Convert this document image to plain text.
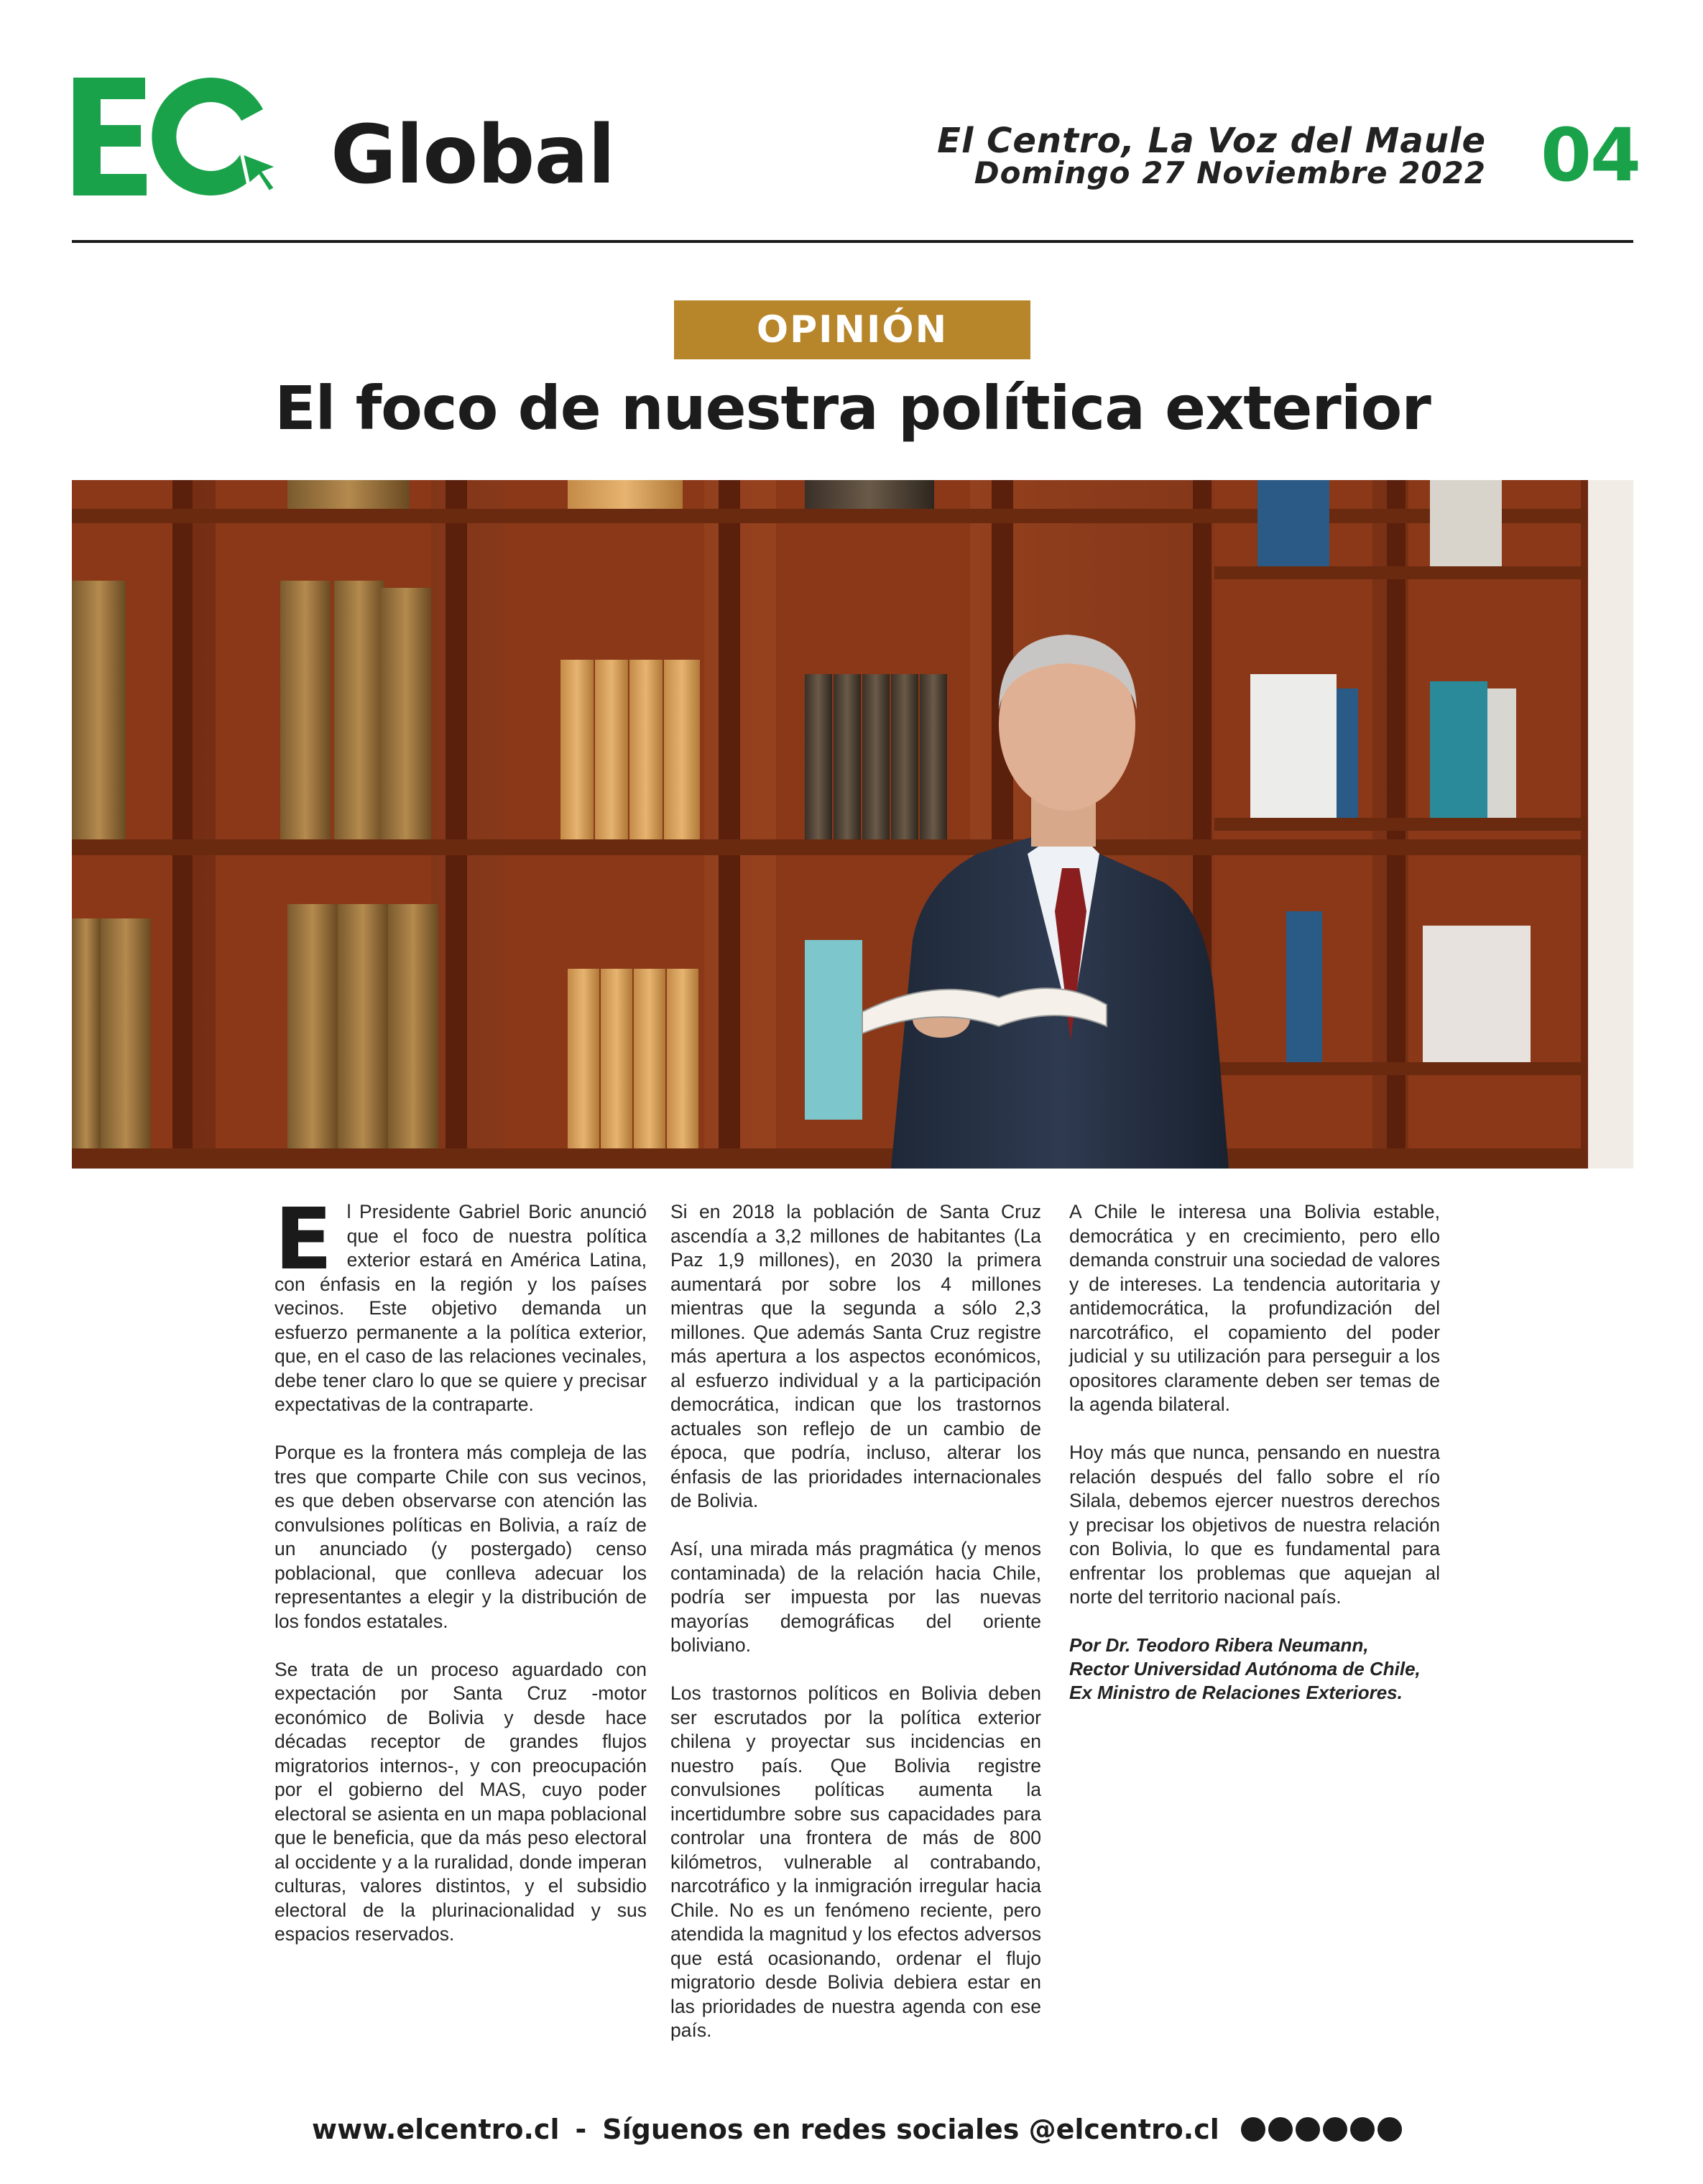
Global	El Centro, La Voz del Maule
Domingo 27 Noviembre 2022 04
OPINIÓN
El foco de nuestra política exterior

El Presidente Gabriel Boric anunció que el foco de nuestra política exterior estará en América Latina, con énfasis en la región y los países vecinos. Este objetivo demanda un esfuerzo permanente a la política exterior, que, en el caso de las relaciones vecinales, debe tener claro lo que se quiere y precisar expectativas de la contraparte.

Porque es la frontera más compleja de las tres que comparte Chile con sus vecinos, es que deben observarse con atención las convulsiones políticas en Bolivia, a raíz de un anunciado (y postergado) censo poblacional, que conlleva adecuar los representantes a elegir y la distribución de los fondos estatales.

Se trata de un proceso aguardado con expectación por Santa Cruz -motor económico de Bolivia y desde hace décadas receptor de grandes flujos migratorios internos-, y con preocupación por el gobierno del MAS, cuyo poder electoral se asienta en un mapa poblacional que le beneficia, que da más peso electoral al occidente y a la ruralidad, donde imperan culturas, valores distintos, y el subsidio electoral de la plurinacionalidad y sus espacios reservados.

Si en 2018 la población de Santa Cruz ascendía a 3,2 millones de habitantes (La Paz 1,9 millones), en 2030 la primera aumentará por sobre los 4 millones mientras que la segunda a sólo 2,3 millones. Que además Santa Cruz registre más apertura a los aspectos económicos, al esfuerzo individual y a la participación democrática, indican que los trastornos actuales son reflejo de un cambio de época, que podría, incluso, alterar los énfasis de las prioridades internacionales de Bolivia.

Así, una mirada más pragmática (y menos contaminada) de la relación hacia Chile, podría ser impuesta por las nuevas mayorías demográficas del oriente boliviano.

Los trastornos políticos en Bolivia deben ser escrutados por la política exterior chilena y proyectar sus incidencias en nuestro país. Que Bolivia registre convulsiones políticas aumenta la incertidumbre sobre sus capacidades para controlar una frontera de más de 800 kilómetros, vulnerable al contrabando, narcotráfico y la inmigración irregular hacia Chile. No es un fenómeno reciente, pero atendida la magnitud y los efectos adversos que está ocasionando, ordenar el flujo migratorio desde Bolivia debiera estar en las prioridades de nuestra agenda con ese país.

A Chile le interesa una Bolivia estable, democrática y en crecimiento, pero ello demanda construir una sociedad de valores y de intereses. La tendencia autoritaria y antidemocrática, la profundización del narcotráfico, el copamiento del poder judicial y su utilización para perseguir a los opositores claramente deben ser temas de la agenda bilateral.

Hoy más que nunca, pensando en nuestra relación después del fallo sobre el río Silala, debemos ejercer nuestros derechos y precisar los objetivos de nuestra relación con Bolivia, lo que es fundamental para enfrentar los problemas que aquejan al norte del territorio nacional país.

Por Dr. Teodoro Ribera Neumann,
Rector Universidad Autónoma de Chile,
Ex Ministro de Relaciones Exteriores.
www.elcentro.cl - Síguenos en redes sociales @elcentro.cl
